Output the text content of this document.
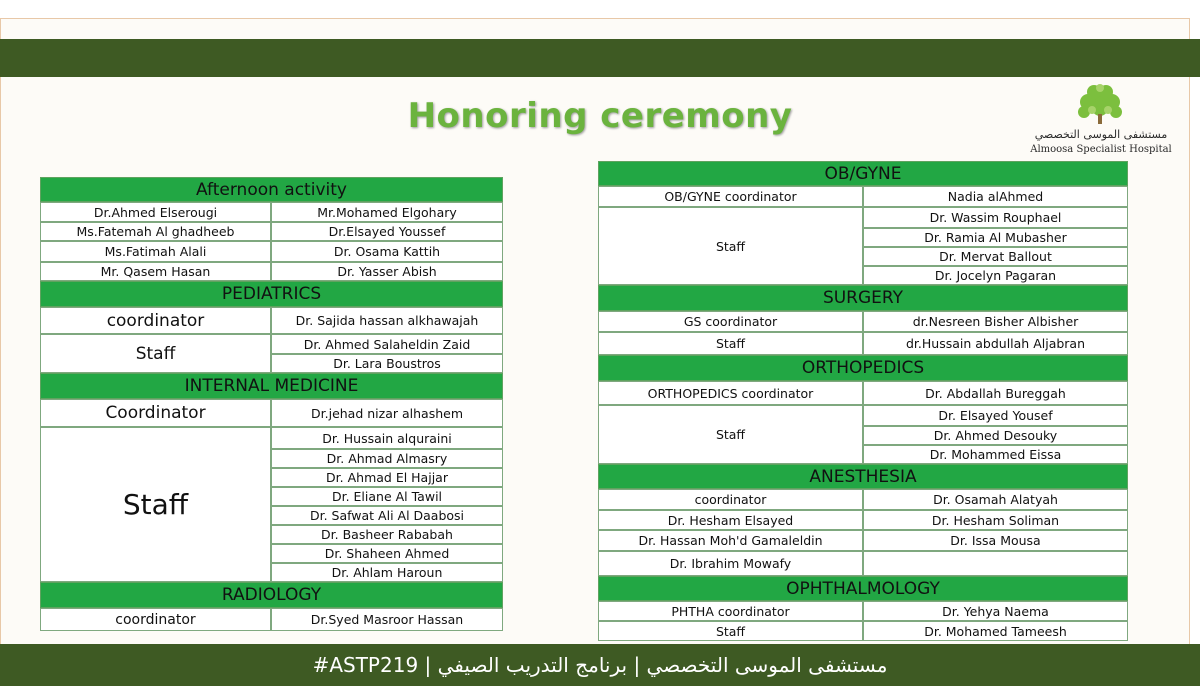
Honoring ceremony	مستشفى الموسى التخصصي
Almoosa Specialist Hospital
Afternoon activity
Dr.Ahmed Elserougi	Mr.Mohamed Elgohary
Ms.Fatemah Al ghadheeb	Dr.Elsayed Youssef
Ms.Fatimah Alali	Dr. Osama Kattih
Mr. Qasem Hasan	Dr. Yasser Abish
PEDIATRICS
coordinator	Dr. Sajida hassan alkhawajah
Staff	Dr. Ahmed Salaheldin Zaid
Dr. Lara Boustros
INTERNAL MEDICINE
Coordinator	Dr.jehad nizar alhashem
Staff
Dr. Hussain alquraini
Dr. Ahmad Almasry
Dr. Ahmad El Hajjar
Dr. Eliane Al Tawil
Dr. Safwat Ali Al Daabosi
Dr. Basheer Rababah
Dr. Shaheen Ahmed
Dr. Ahlam Haroun
RADIOLOGY
coordinator	Dr.Syed Masroor Hassan
OB/GYNE
OB/GYNE coordinator	Nadia alAhmed
Staff
Dr. Wassim Rouphael
Dr. Ramia Al Mubasher
Dr. Mervat Ballout
Dr. Jocelyn Pagaran
SURGERY
GS coordinator	dr.Nesreen Bisher Albisher
Staff	dr.Hussain abdullah Aljabran
ORTHOPEDICS
ORTHOPEDICS coordinator	Dr. Abdallah Bureggah
Staff
Dr. Elsayed Yousef
Dr. Ahmed Desouky
Dr. Mohammed Eissa
ANESTHESIA
coordinator	Dr. Osamah Alatyah
Dr. Hesham Elsayed	Dr. Hesham Soliman
Dr. Hassan Moh'd Gamaleldin	Dr. Issa Mousa
Dr. Ibrahim Mowafy
OPHTHALMOLOGY
PHTHA coordinator	Dr. Yehya Naema
Staff	Dr. Mohamed Tameesh
#ASTP219 | مستشفى الموسى التخصصي | برنامج التدريب الصيفي
